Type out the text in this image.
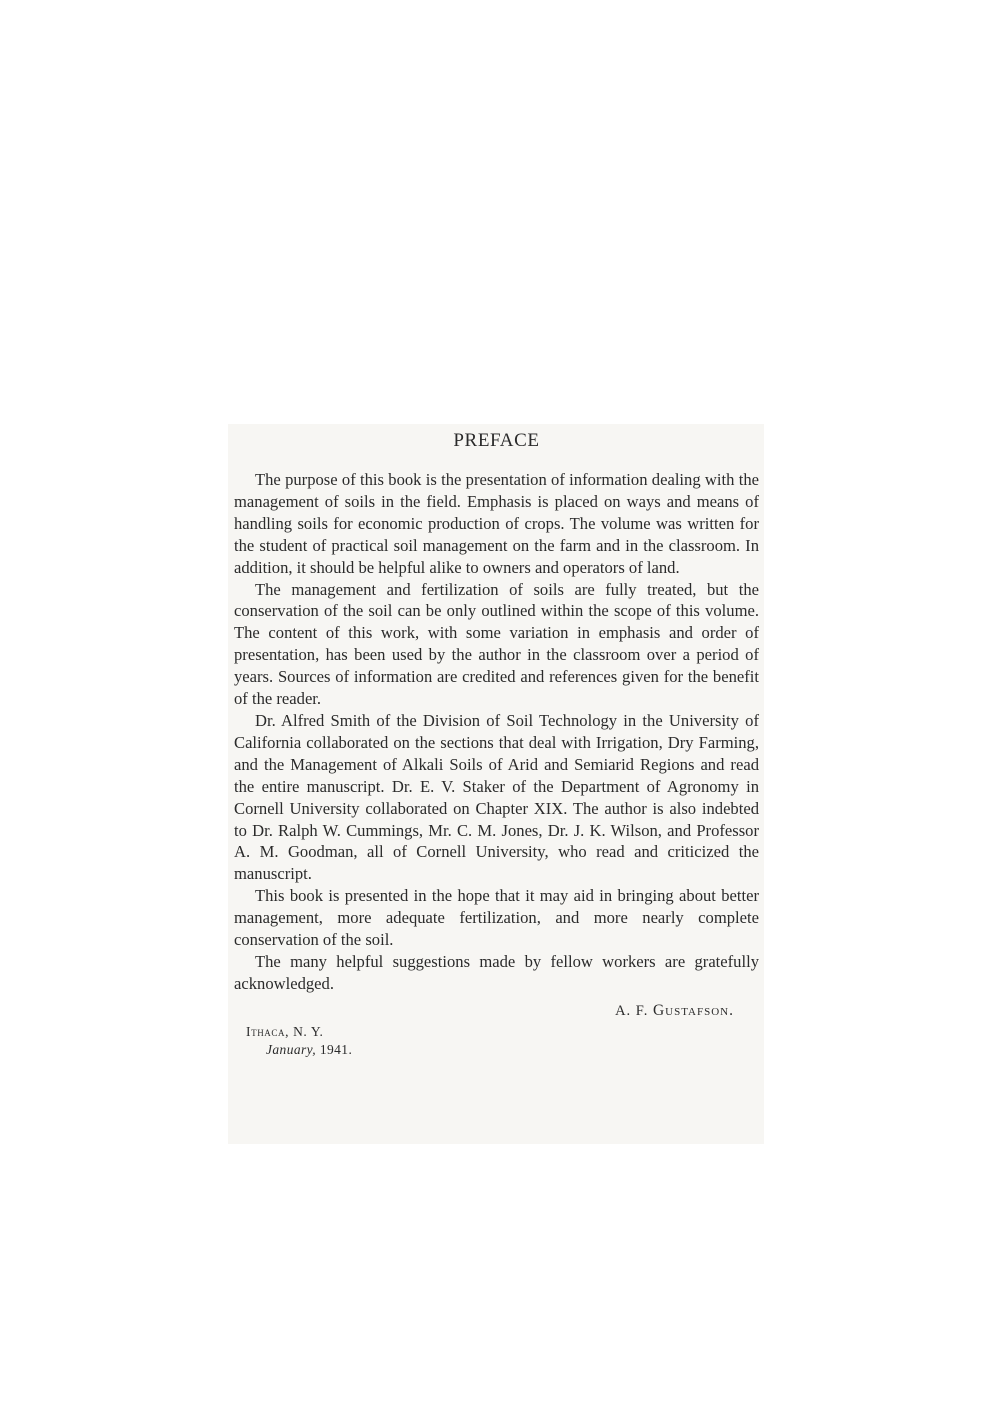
PREFACE

The purpose of this book is the presentation of information dealing with the management of soils in the field. Emphasis is placed on ways and means of handling soils for economic production of crops. The volume was written for the student of practical soil management on the farm and in the classroom. In addition, it should be helpful alike to owners and operators of land.

The management and fertilization of soils are fully treated, but the conservation of the soil can be only outlined within the scope of this volume. The content of this work, with some variation in emphasis and order of presentation, has been used by the author in the classroom over a period of years. Sources of information are credited and references given for the benefit of the reader.

Dr. Alfred Smith of the Division of Soil Technology in the University of California collaborated on the sections that deal with Irrigation, Dry Farming, and the Management of Alkali Soils of Arid and Semiarid Regions and read the entire manuscript. Dr. E. V. Staker of the Department of Agronomy in Cornell University collaborated on Chapter XIX. The author is also indebted to Dr. Ralph W. Cummings, Mr. C. M. Jones, Dr. J. K. Wilson, and Professor A. M. Goodman, all of Cornell University, who read and criticized the manuscript.

This book is presented in the hope that it may aid in bringing about better management, more adequate fertilization, and more nearly complete conservation of the soil.

The many helpful suggestions made by fellow workers are gratefully acknowledged.

A. F. Gustafson.
Ithaca, N. Y.
January, 1941.
